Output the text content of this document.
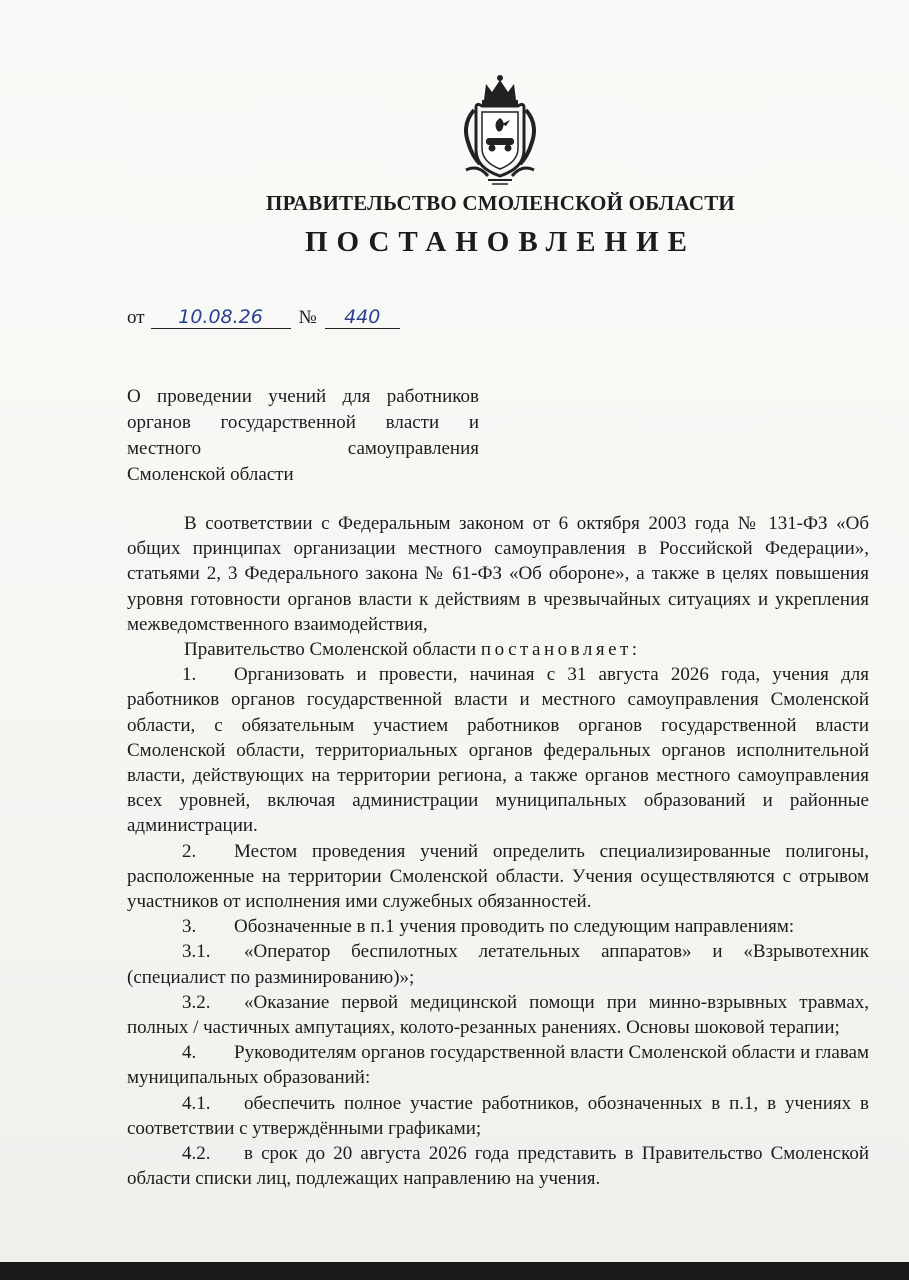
ПРАВИТЕЛЬСТВО СМОЛЕНСКОЙ ОБЛАСТИ
ПОСТАНОВЛЕНИЕ
от 10.08.26 № 440
О проведении учений для работников
органов государственной власти и
местного самоуправления
Смоленской области

В соответствии с Федеральным законом от 6 октября 2003 года № 131-ФЗ «Об общих принципах организации местного самоуправления в Российской Федерации», статьями 2, 3 Федерального закона № 61-ФЗ «Об обороне», а также в целях повышения уровня готовности органов власти к действиям в чрезвычайных ситуациях и укрепления межведомственного взаимодействия,

Правительство Смоленской области постановляет:

1. Организовать и провести, начиная с 31 августа 2026 года, учения для работников органов государственной власти и местного самоуправления Смоленской области, с обязательным участием работников органов государственной власти Смоленской области, территориальных органов федеральных органов исполнительной власти, действующих на территории региона, а также органов местного самоуправления всех уровней, включая администрации муниципальных образований и районные администрации.

2. Местом проведения учений определить специализированные полигоны, расположенные на территории Смоленской области. Учения осуществляются с отрывом участников от исполнения ими служебных обязанностей.

3. Обозначенные в п.1 учения проводить по следующим направлениям:

3.1. «Оператор беспилотных летательных аппаратов» и «Взрывотехник (специалист по разминированию)»;

3.2. «Оказание первой медицинской помощи при минно-взрывных травмах, полных / частичных ампутациях, колото-резанных ранениях. Основы шоковой терапии;

4. Руководителям органов государственной власти Смоленской области и главам муниципальных образований:

4.1. обеспечить полное участие работников, обозначенных в п.1, в учениях в соответствии с утверждёнными графиками;

4.2. в срок до 20 августа 2026 года представить в Правительство Смоленской области списки лиц, подлежащих направлению на учения.
